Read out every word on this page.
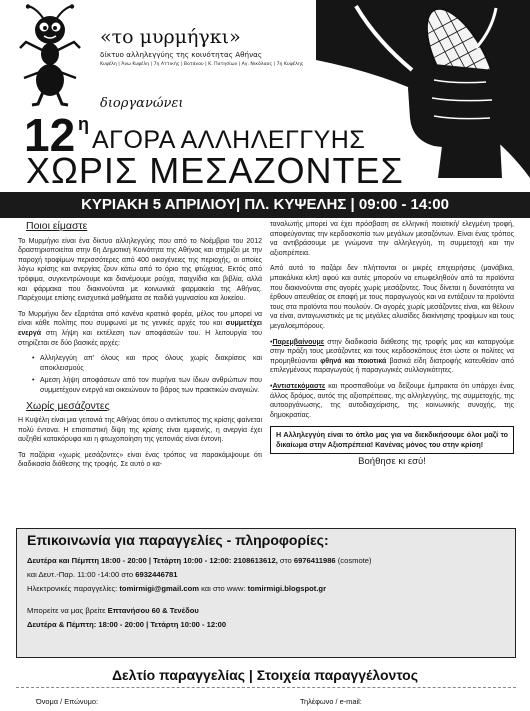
«το μυρμήγκι»
δίκτυο αλληλεγγύης της κοινότητας Αθήνας
Κυψέλη | Άνω Κυψέλη | 7η Αττικής | Βοτάνου | Κ. Πατησίων | Αγ. Νικόλαος | 7η Κυψέλης
διοργανώνει
12 η
ΑΓΟΡΑ ΑΛΛΗΛΕΓΓΥΗΣ
ΧΩΡΙΣ ΜΕΣΑΖΟΝΤΕΣ
ΚΥΡΙΑΚΗ 5 ΑΠΡΙΛΙΟΥ| ΠΛ. ΚΥΨΕΛΗΣ | 09:00 - 14:00
Ποιοι είμαστε

Το Μυρμήγκι είναι ένα δίκτυο αλληλεγγύης που από το Νοέμβριο του 2012 δραστηριοποιείται στην 6η Δημοτική Κοινότητα της Αθήνας και στηρίζει με την παροχή τροφίμων περισσότερες από 400 οικογένειες της περιοχής, οι οποίες λόγω κρίσης και ανεργίας ζουν κάτω από το όριο της φτώχειας. Εκτός από τρόφιμα, συγκεντρώνουμε και διανέμουμε ρούχα, παιχνίδια και βιβλία, αλλά και φάρμακα που διακινούνται με κοινωνικά φαρμακεία της Αθήνας. Παρέχουμε επίσης ενισχυτικά μαθήματα σε παιδιά γυμνασίου και λυκείου.

Το Μυρμήγκι δεν εξαρτάται από κανένα κρατικό φορέα, μέλος του μπορεί να είναι κάθε πολίτης που συμφωνεί με τις γενικές αρχές του και συμμετέχει ενεργά στη λήψη και εκτέλεση των αποφάσεών του. Η λειτουργία του στηρίζεται σε δύο βασικές αρχές:

• Αλληλεγγύη απ' όλους και προς όλους χωρίς διακρίσεις και αποκλεισμούς
• Αμεση λήψη αποφάσεων από τον πυρήνα των ίδιων ανθρώπων που συμμετέχουν ενεργά και οικειώνουν το βάρος των πρακτικών αναγκών.
Χωρίς μεσάζοντες

Η Κυψέλη είναι μια γειτονιά της Αθήνας όπου ο αντίκτυπος της κρίσης φαίνεται πολύ έντονα. Η επισιτιστική δίψη της κρίσης είναι εμφανής, η ανεργία έχει αυξηθεί κατακόρυφα και η φτωχοποίηση της γειτονιάς είναι έντονη.

Τα παζάρια «χωρίς μεσάζοντες» είναι ένας τρόπος να παρακάμψουμε ότι διαδικασία διάθεσης της τροφής. Σε αυτό ο κα-

ταναλωτής μπορεί να έχει πρόσβαση σε ελληνική ποιοτική/ ελεγμένη τροφή, αποφεύγοντας την κερδοσκοπία των μεγάλων μεσαζόντων. Είναι ένας τρόπος να αντιβράσουμε με γνώμονα την αλληλεγγύη, τη συμμετοχή και την αξιοπρέπεια.

Από αυτό το παζάρι δεν πλήττονται οι μικρές επιχειρήσεις (μανάβικα, μπακάλικα κλπ) αφού και αυτές μπορούν να επωφεληθούν από τα προϊόντα που διακινούνται στις αγορές χωρίς μεσάζοντες. Τους δίνεται η δυνατότητα να έρθουν απευθείας σε επαφή με τους παραγωγούς και να εντάξουν τα προϊόντα τους στα προϊόντα που πουλούν. Οι αγορές χωρίς μεσάζοντες είναι, και θέλουν να είναι, ανταγωνιστικές με τις μεγάλες αλυσίδες διακίνησης τροφίμων και τους μεγαλοεμπόρους.

•Παρεμβαίνουμε στην διαδικασία διάθεσης της τροφής μας και καταργούμε στην πράξη τους μεσάζοντες και τους κερδοσκόπους έτσι ώστε οι πολίτες να προμηθεύονται φθηνά και ποιοτικά βασικά είδη διατροφής κατευθείαν από επιλεγμένους παραγωγούς ή παραγωγικές συλλογικότητες.

•Αντιστεκόμαστε και προσπαθούμε να δείξουμε έμπρακτα ότι υπάρχει ένας άλλος δρόμος, αυτός της αξιοπρέπειας, της αλληλεγγύης, της συμμετοχής, της αυτοοργάνωσης, της αυτοδιαχείρισης, της κοινωνικής συνοχής, της δημοκρατίας.

Η Αλληλεγγύη είναι το όπλο μας για να διεκδικήσουμε όλοι μαζί το δικαίωμα στην Αξιοπρέπεια! Κανένας μόνος του στην κρίση!
Βοήθησε κι εσύ!
Επικοινωνία για παραγγελίες - πληροφορίες:
Δευτέρα και Πέμπτη 18:00 - 20:00 | Τετάρτη 10:00 - 12:00: 2108613612, στο 6976411986 (cosmote)
και Δευτ.-Παρ. 11:00 -14:00 στο 6932446781
Ηλεκτρονικές παραγγελίες: tomirmigi@gmail.com και στο www: tomirmigi.blogspot.gr
Μπορείτε να μας βρείτε Επτανήσου 60 & Τενέδου
Δευτέρα & Πέμπτη: 18:00 - 20:00 | Τετάρτη 10:00 - 12:00
Δελτίο παραγγελίας | Στοιχεία παραγγέλοντος
Όνομα / Επώνυμο:	Τηλέφωνο / e-mail:
